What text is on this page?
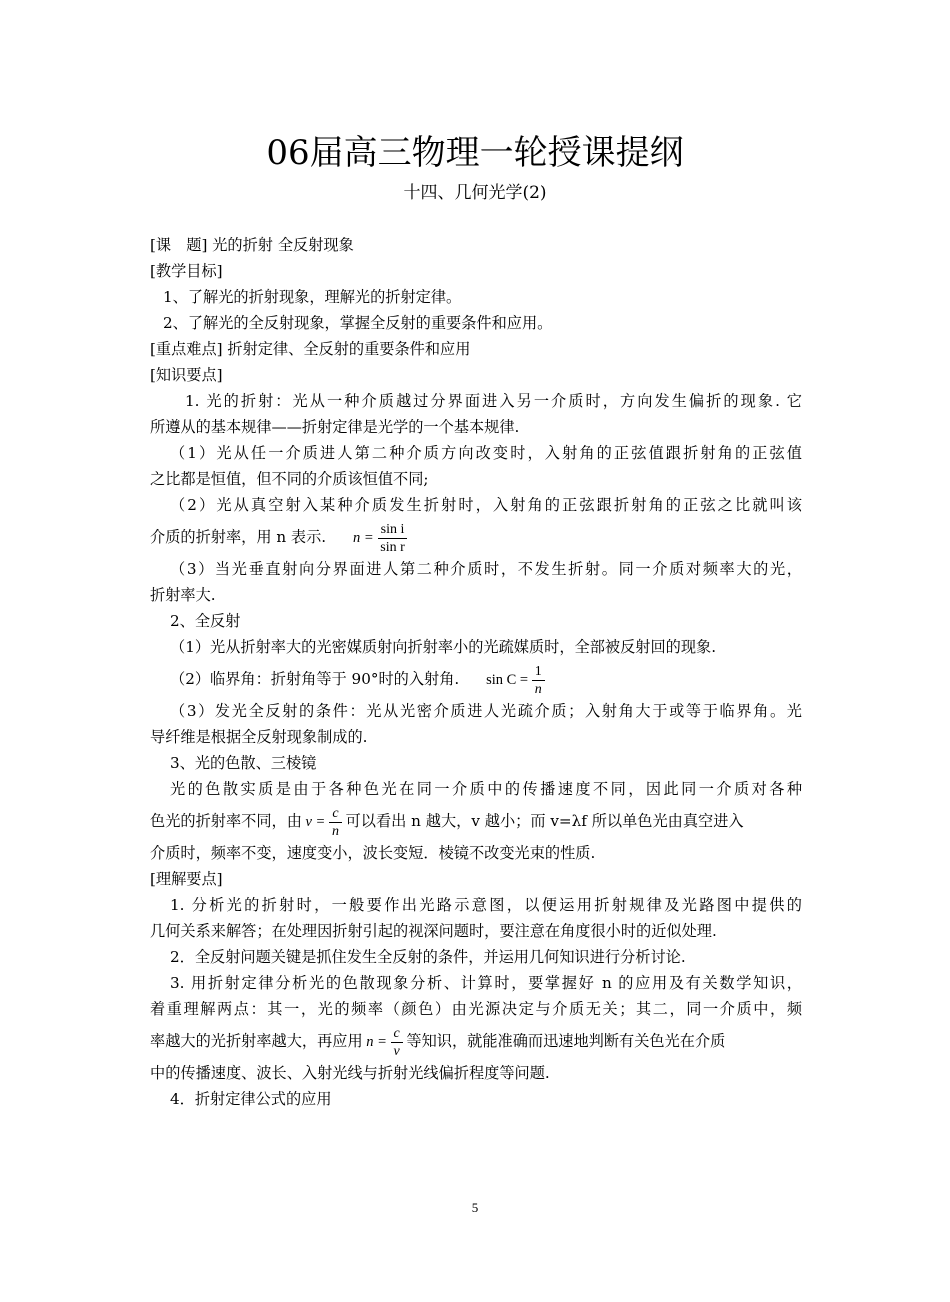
06届高三物理一轮授课提纲
十四、几何光学(2)
[课　题] 光的折射 全反射现象
[教学目标]
1、了解光的折射现象，理解光的折射定律。
2、了解光的全反射现象，掌握全反射的重要条件和应用。
[重点难点] 折射定律、全反射的重要条件和应用
[知识要点]
1. 光的折射：光从一种介质越过分界面进入另一介质时，方向发生偏折的现象. 它
所遵从的基本规律——折射定律是光学的一个基本规律.
（1）光从任一介质进人第二种介质方向改变时，入射角的正弦值跟折射角的正弦值
之比都是恒值，但不同的介质该恒值不同;
（2）光从真空射入某种介质发生折射时，入射角的正弦跟折射角的正弦之比就叫该
介质的折射率，用 n 表示. $n = \frac{\text{sin i}}{\text{sin r}}$
（3）当光垂直射向分界面进人第二种介质时，不发生折射。同一介质对频率大的光，
折射率大.
2、全反射
（1）光从折射率大的光密媒质射向折射率小的光疏媒质时，全部被反射回的现象.
（2）临界角：折射角等于 90°时的入射角. $\sin C = \frac{1}{n}$
（3）发光全反射的条件：光从光密介质进人光疏介质；入射角大于或等于临界角。光
导纤维是根据全反射现象制成的.
3、光的色散、三棱镜
光的色散实质是由于各种色光在同一介质中的传播速度不同，因此同一介质对各种
色光的折射率不同，由 $v = \frac{c}{n}$ 可以看出 n 越大，v 越小；而 v=λf 所以单色光由真空进入
介质时，频率不变，速度变小，波长变短．棱镜不改变光束的性质.
[理解要点]
1. 分析光的折射时，一般要作出光路示意图，以便运用折射规律及光路图中提供的
几何关系来解答；在处理因折射引起的视深问题时，要注意在角度很小时的近似处理.
2．全反射问题关键是抓住发生全反射的条件，并运用几何知识进行分析讨论.
3. 用折射定律分析光的色散现象分析、计算时，要掌握好 n 的应用及有关数学知识，
着重理解两点：其一，光的频率（颜色）由光源决定与介质无关；其二，同一介质中，频
率越大的光折射率越大，再应用 $n = \frac{c}{v}$ 等知识，就能准确而迅速地判断有关色光在介质
中的传播速度、波长、入射光线与折射光线偏折程度等问题.
4．折射定律公式的应用
5
